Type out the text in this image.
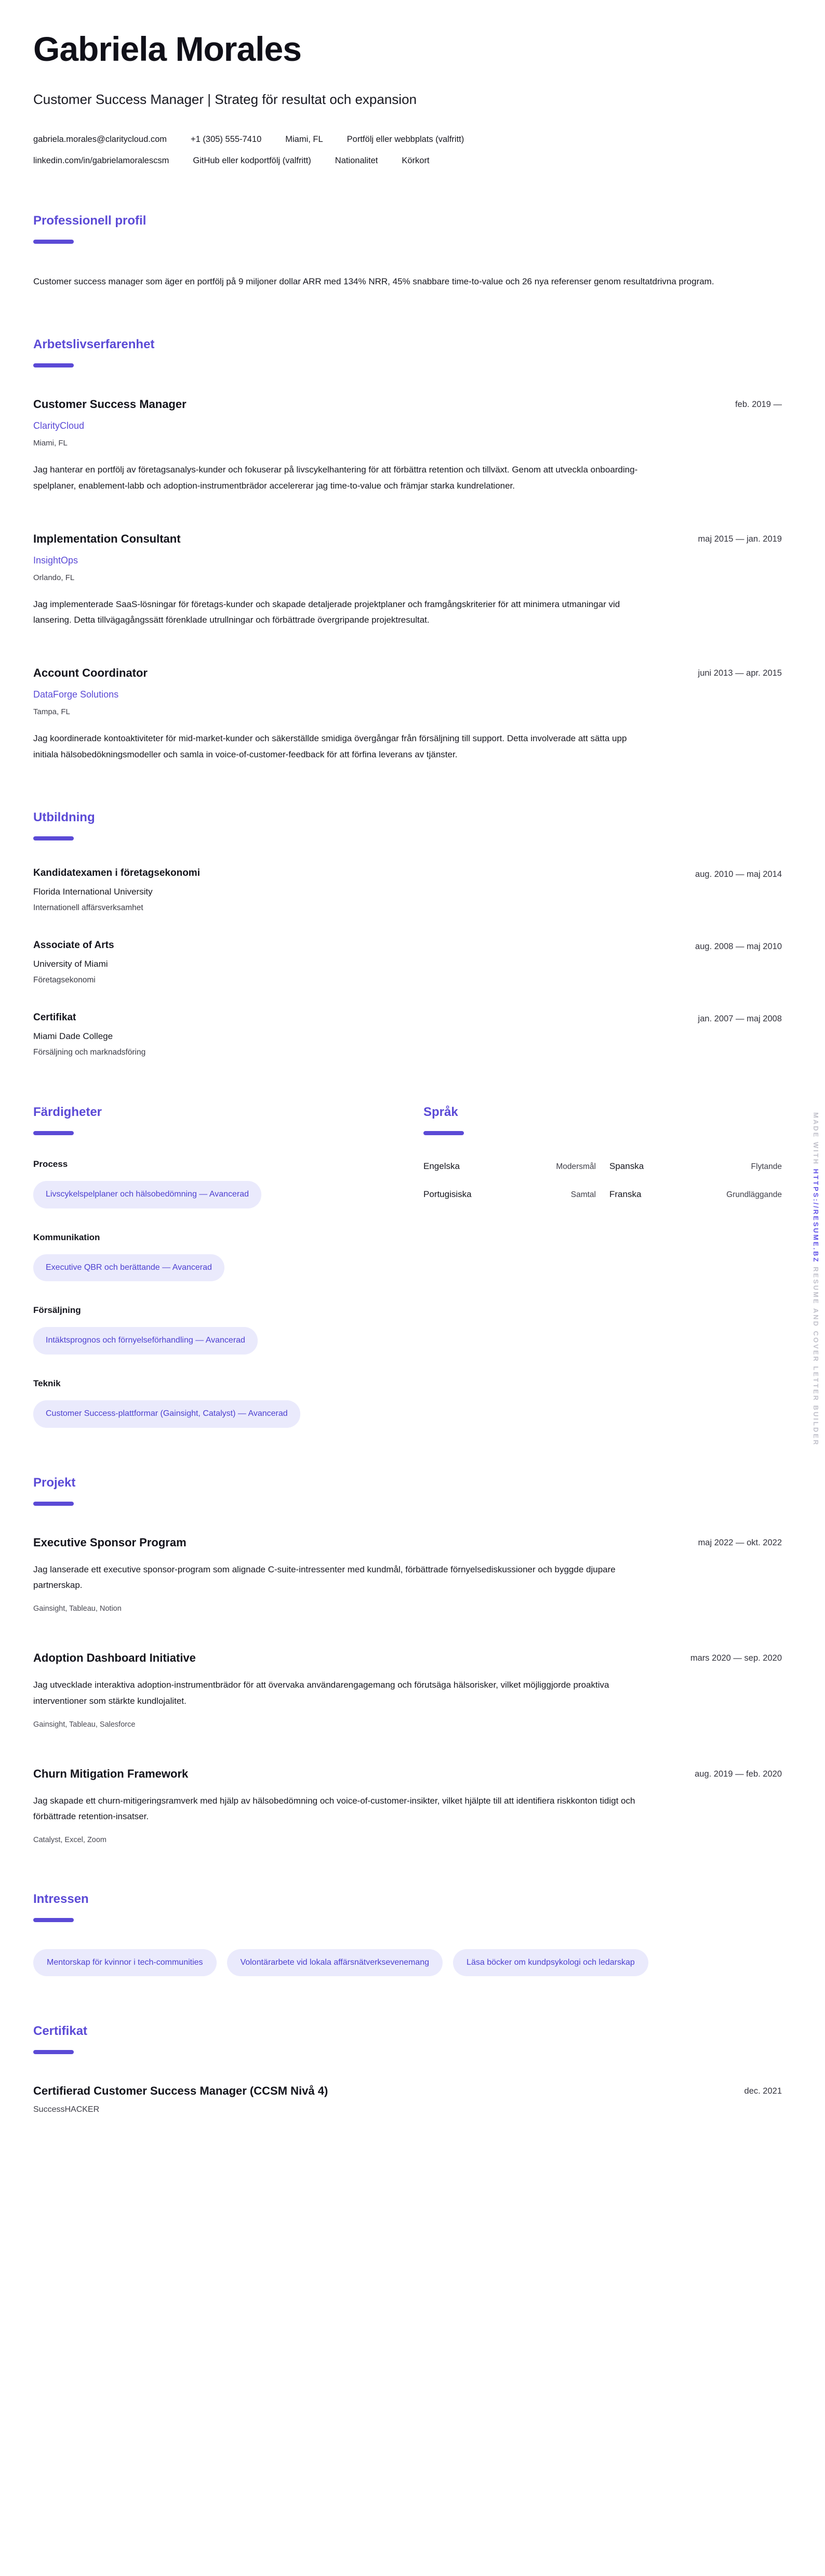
Gabriela Morales
Customer Success Manager | Strateg för resultat och expansion
gabriela.morales@claritycloud.com	+1 (305) 555-7410	Miami, FL	Portfölj eller webbplats (valfritt)
linkedin.com/in/gabrielamoralescsm	GitHub eller kodportfölj (valfritt)	Nationalitet	Körkort
Professionell profil

Customer success manager som äger en portfölj på 9 miljoner dollar ARR med 134% NRR, 45% snabbare time-to-value och 26 nya referenser genom resultatdrivna program.

Arbetslivserfarenhet
Customer Success Manager	feb. 2019 —
ClarityCloud
Miami, FL

Jag hanterar en portfölj av företagsanalys-kunder och fokuserar på livscykelhantering för att förbättra retention och tillväxt. Genom att utveckla onboarding-spelplaner, enablement-labb och adoption-instrumentbrädor accelererar jag time-to-value och främjar starka kundrelationer.

Implementation Consultant	maj 2015 — jan. 2019
InsightOps
Orlando, FL

Jag implementerade SaaS-lösningar för företags-kunder och skapade detaljerade projektplaner och framgångskriterier för att minimera utmaningar vid lansering. Detta tillvägagångssätt förenklade utrullningar och förbättrade övergripande projektresultat.

Account Coordinator	juni 2013 — apr. 2015
DataForge Solutions
Tampa, FL

Jag koordinerade kontoaktiviteter för mid-market-kunder och säkerställde smidiga övergångar från försäljning till support. Detta involverade att sätta upp initiala hälsobedökningsmodeller och samla in voice-of-customer-feedback för att förfina leverans av tjänster.

Utbildning
Kandidatexamen i företagsekonomi	aug. 2010 — maj 2014
Florida International University
Internationell affärsverksamhet
Associate of Arts	aug. 2008 — maj 2010
University of Miami
Företagsekonomi
Certifikat	jan. 2007 — maj 2008
Miami Dade College
Försäljning och marknadsföring
Färdigheter
Process
Livscykelspelplaner och hälsobedömning — Avancerad
Kommunikation
Executive QBR och berättande — Avancerad
Försäljning
Intäktsprognos och förnyelseförhandling — Avancerad
Teknik
Customer Success-plattformar (Gainsight, Catalyst) — Avancerad
Språk
Engelska	Modersmål Spanska	Flytande
Portugisiska	Samtal Franska	Grundläggande
Projekt
Executive Sponsor Program	maj 2022 — okt. 2022

Jag lanserade ett executive sponsor-program som alignade C-suite-intressenter med kundmål, förbättrade förnyelsediskussioner och byggde djupare partnerskap.

Gainsight, Tableau, Notion
Adoption Dashboard Initiative	mars 2020 — sep. 2020

Jag utvecklade interaktiva adoption-instrumentbrädor för att övervaka användarengagemang och förutsäga hälsorisker, vilket möjliggjorde proaktiva interventioner som stärkte kundlojalitet.

Gainsight, Tableau, Salesforce
Churn Mitigation Framework	aug. 2019 — feb. 2020

Jag skapade ett churn-mitigeringsramverk med hjälp av hälsobedömning och voice-of-customer-insikter, vilket hjälpte till att identifiera riskkonton tidigt och förbättrade retention-insatser.

Catalyst, Excel, Zoom
Intressen
Mentorskap för kvinnor i tech-communities	Volontärarbete vid lokala affärsnätverksevenemang	Läsa böcker om kundpsykologi och ledarskap
Certifikat
Certifierad Customer Success Manager (CCSM Nivå 4)	dec. 2021
SuccessHACKER
MADE WITH HTTPS://RESUME.BZ RESUME AND COVER LETTER BUILDER
